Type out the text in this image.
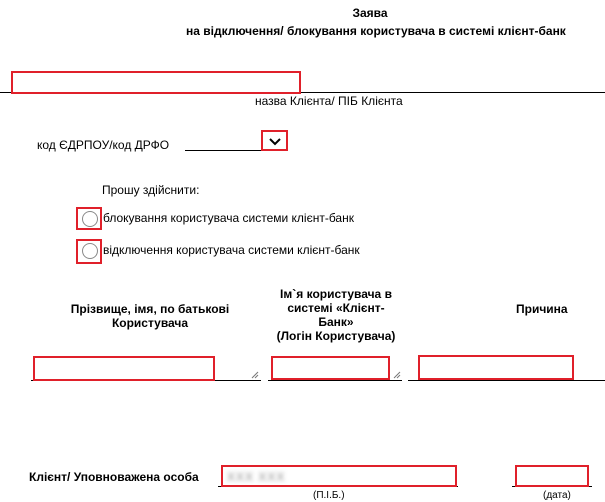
Заява
на відключення/ блокування користувача в системі клієнт-банк
назва Клієнта/ ПІБ Клієнта
код ЄДРПОУ/код ДРФО
Прошу здійснити:
блокування користувача системи клієнт-банк
відключення користувача системи клієнт-банк
Прізвище, імя, по батькові
Користувача
Ім`я користувача в
системі «Клієнт-
Банк»
(Логін Користувача)
Причина
Клієнт/ Уповноважена особа ХХХ ХХХ
(П.І.Б.)	(дата)
